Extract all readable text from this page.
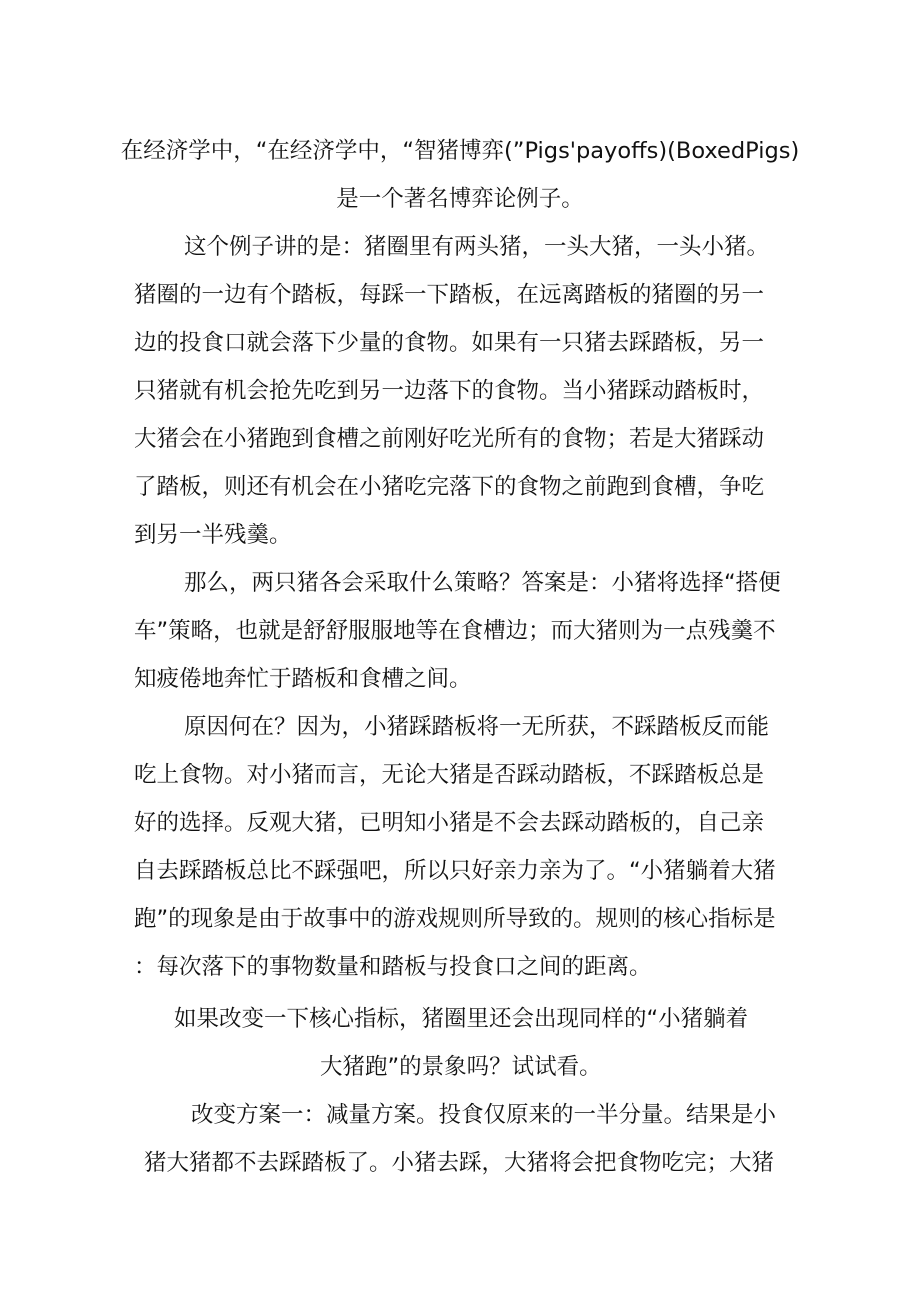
在经济学中，“在经济学中，“智猪博弈(”Pigs'payoffs)(BoxedPigs)
是一个著名博弈论例子。
这个例子讲的是：猪圈里有两头猪，一头大猪，一头小猪。
猪圈的一边有个踏板，每踩一下踏板，在远离踏板的猪圈的另一
边的投食口就会落下少量的食物。如果有一只猪去踩踏板，另一
只猪就有机会抢先吃到另一边落下的食物。当小猪踩动踏板时，
大猪会在小猪跑到食槽之前刚好吃光所有的食物；若是大猪踩动
了踏板，则还有机会在小猪吃完落下的食物之前跑到食槽，争吃
到另一半残羹。
那么，两只猪各会采取什么策略？答案是：小猪将选择“搭便
车”策略，也就是舒舒服服地等在食槽边；而大猪则为一点残羹不
知疲倦地奔忙于踏板和食槽之间。
原因何在？因为，小猪踩踏板将一无所获，不踩踏板反而能
吃上食物。对小猪而言，无论大猪是否踩动踏板，不踩踏板总是
好的选择。反观大猪，已明知小猪是不会去踩动踏板的，自己亲
自去踩踏板总比不踩强吧，所以只好亲力亲为了。“小猪躺着大猪
跑”的现象是由于故事中的游戏规则所导致的。规则的核心指标是
：每次落下的事物数量和踏板与投食口之间的距离。
如果改变一下核心指标，猪圈里还会出现同样的“小猪躺着
大猪跑”的景象吗？试试看。
改变方案一：减量方案。投食仅原来的一半分量。结果是小
猪大猪都不去踩踏板了。小猪去踩，大猪将会把食物吃完；大猪
